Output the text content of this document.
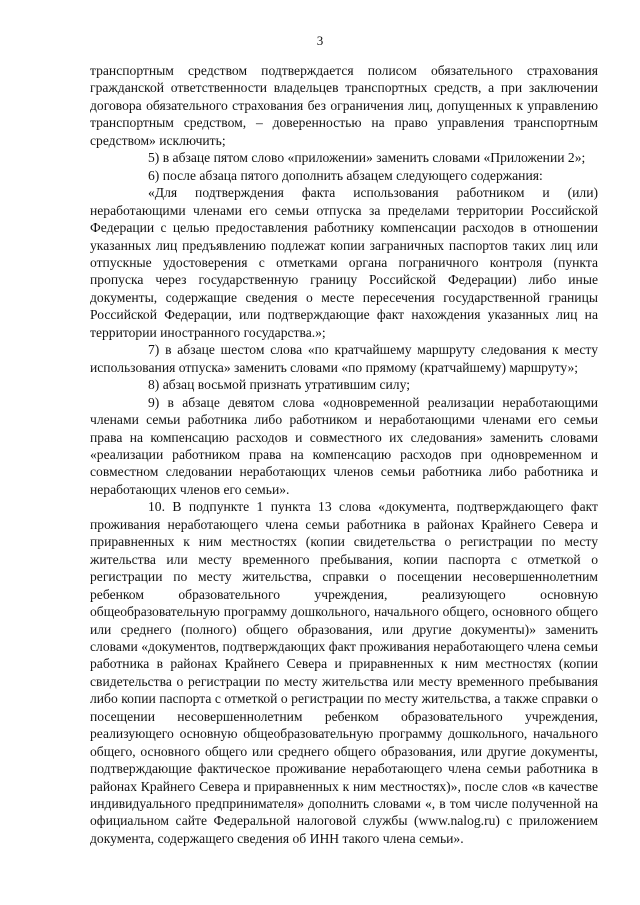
3

транспортным средством подтверждается полисом обязательного страхования гражданской ответственности владельцев транспортных средств, а при заключении договора обязательного страхования без ограничения лиц, допущенных к управлению транспортным средством, – доверенностью на право управления транспортным средством» исключить;

5) в абзаце пятом слово «приложении» заменить словами «Приложении 2»;

6) после абзаца пятого дополнить абзацем следующего содержания:

«Для подтверждения факта использования работником и (или) неработающими членами его семьи отпуска за пределами территории Российской Федерации с целью предоставления работнику компенсации расходов в отношении указанных лиц предъявлению подлежат копии заграничных паспортов таких лиц или отпускные удостоверения с отметками органа пограничного контроля (пункта пропуска через государственную границу Российской Федерации) либо иные документы, содержащие сведения о месте пересечения государственной границы Российской Федерации, или подтверждающие факт нахождения указанных лиц на территории иностранного государства.»;

7) в абзаце шестом слова «по кратчайшему маршруту следования к месту использования отпуска» заменить словами «по прямому (кратчайшему) маршруту»;

8) абзац восьмой признать утратившим силу;

9) в абзаце девятом слова «одновременной реализации неработающими членами семьи работника либо работником и неработающими членами его семьи права на компенсацию расходов и совместного их следования» заменить словами «реализации работником права на компенсацию расходов при одновременном и совместном следовании неработающих членов семьи работника либо работника и неработающих членов его семьи».

10. В подпункте 1 пункта 13 слова «документа, подтверждающего факт проживания неработающего члена семьи работника в районах Крайнего Севера и приравненных к ним местностях (копии свидетельства о регистрации по месту жительства или месту временного пребывания, копии паспорта с отметкой о регистрации по месту жительства, справки о посещении несовершеннолетним ребенком образовательного учреждения, реализующего основную общеобразовательную программу дошкольного, начального общего, основного общего или среднего (полного) общего образования, или другие документы)» заменить словами «документов, подтверждающих факт проживания неработающего члена семьи работника в районах Крайнего Севера и приравненных к ним местностях (копии свидетельства о регистрации по месту жительства или месту временного пребывания либо копии паспорта с отметкой о регистрации по месту жительства, а также справки о посещении несовершеннолетним ребенком образовательного учреждения, реализующего основную общеобразовательную программу дошкольного, начального общего, основного общего или среднего общего образования, или другие документы, подтверждающие фактическое проживание неработающего члена семьи работника в районах Крайнего Севера и приравненных к ним местностях)», после слов «в качестве индивидуального предпринимателя» дополнить словами «, в том числе полученной на официальном сайте Федеральной налоговой службы (www.nalog.ru) с приложением документа, содержащего сведения об ИНН такого члена семьи».
